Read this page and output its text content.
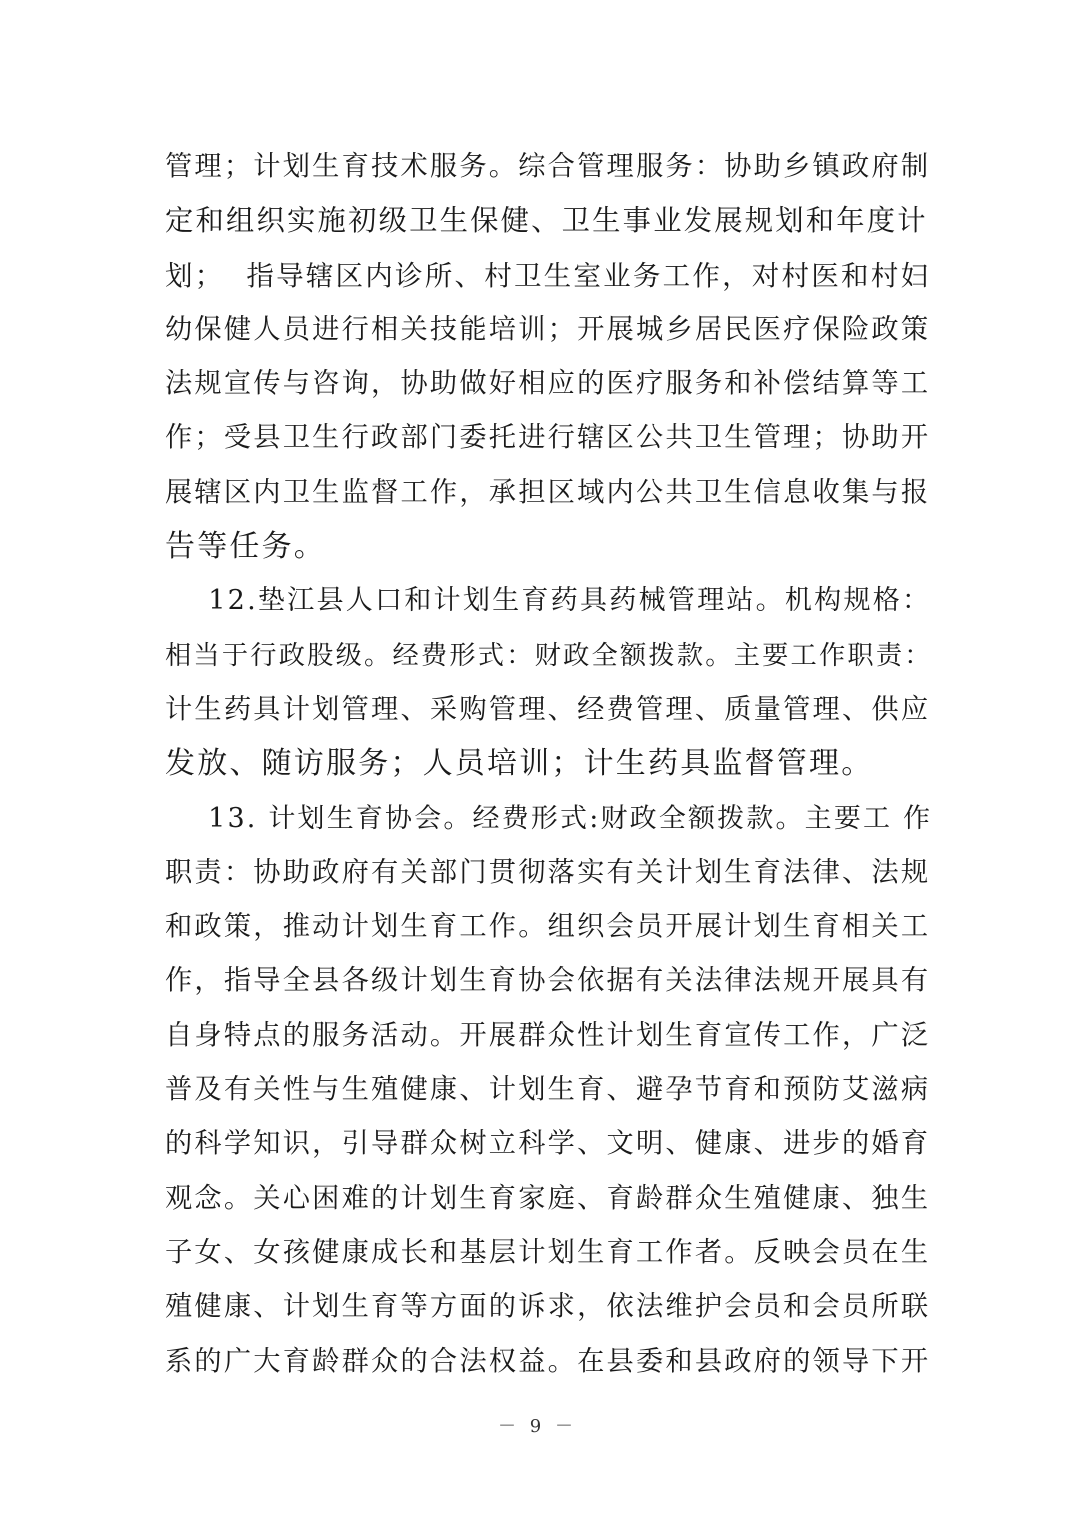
管理；计划生育技术服务。综合管理服务：协助乡镇政府制
定和组织实施初级卫生保健、卫生事业发展规划和年度计
划；  指导辖区内诊所、村卫生室业务工作，对村医和村妇
幼保健人员进行相关技能培训；开展城乡居民医疗保险政策
法规宣传与咨询，协助做好相应的医疗服务和补偿结算等工
作；受县卫生行政部门委托进行辖区公共卫生管理；协助开
展辖区内卫生监督工作，承担区域内公共卫生信息收集与报
告等任务。
12.垫江县人口和计划生育药具药械管理站。机构规格：
相当于行政股级。经费形式：财政全额拨款。主要工作职责：
计生药具计划管理、采购管理、经费管理、质量管理、供应
发放、随访服务；人员培训；计生药具监督管理。
13. 计划生育协会。经费形式:财政全额拨款。主要工 作
职责：协助政府有关部门贯彻落实有关计划生育法律、法规
和政策，推动计划生育工作。组织会员开展计划生育相关工
作，指导全县各级计划生育协会依据有关法律法规开展具有
自身特点的服务活动。开展群众性计划生育宣传工作，广泛
普及有关性与生殖健康、计划生育、避孕节育和预防艾滋病
的科学知识，引导群众树立科学、文明、健康、进步的婚育
观念。关心困难的计划生育家庭、育龄群众生殖健康、独生
子女、女孩健康成长和基层计划生育工作者。反映会员在生
殖健康、计划生育等方面的诉求，依法维护会员和会员所联
系的广大育龄群众的合法权益。在县委和县政府的领导下开
－ 9 －
